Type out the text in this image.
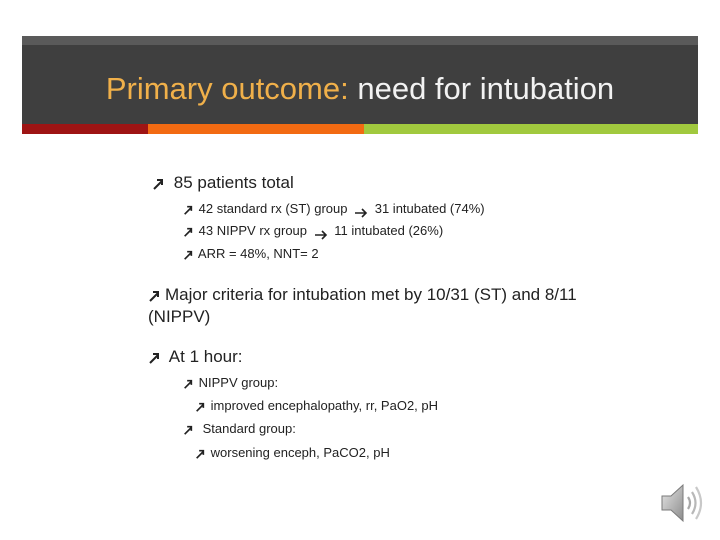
Primary outcome: need for intubation
85 patients total
42 standard rx (ST) group 31 intubated (74%)
43 NIPPV rx group 11 intubated (26%)
ARR = 48%, NNT= 2
Major criteria for intubation met by 10/31 (ST) and 8/11 (NIPPV)
At 1 hour:
NIPPV group:
improved encephalopathy, rr, PaO2, pH
Standard group:
worsening enceph, PaCO2, pH
